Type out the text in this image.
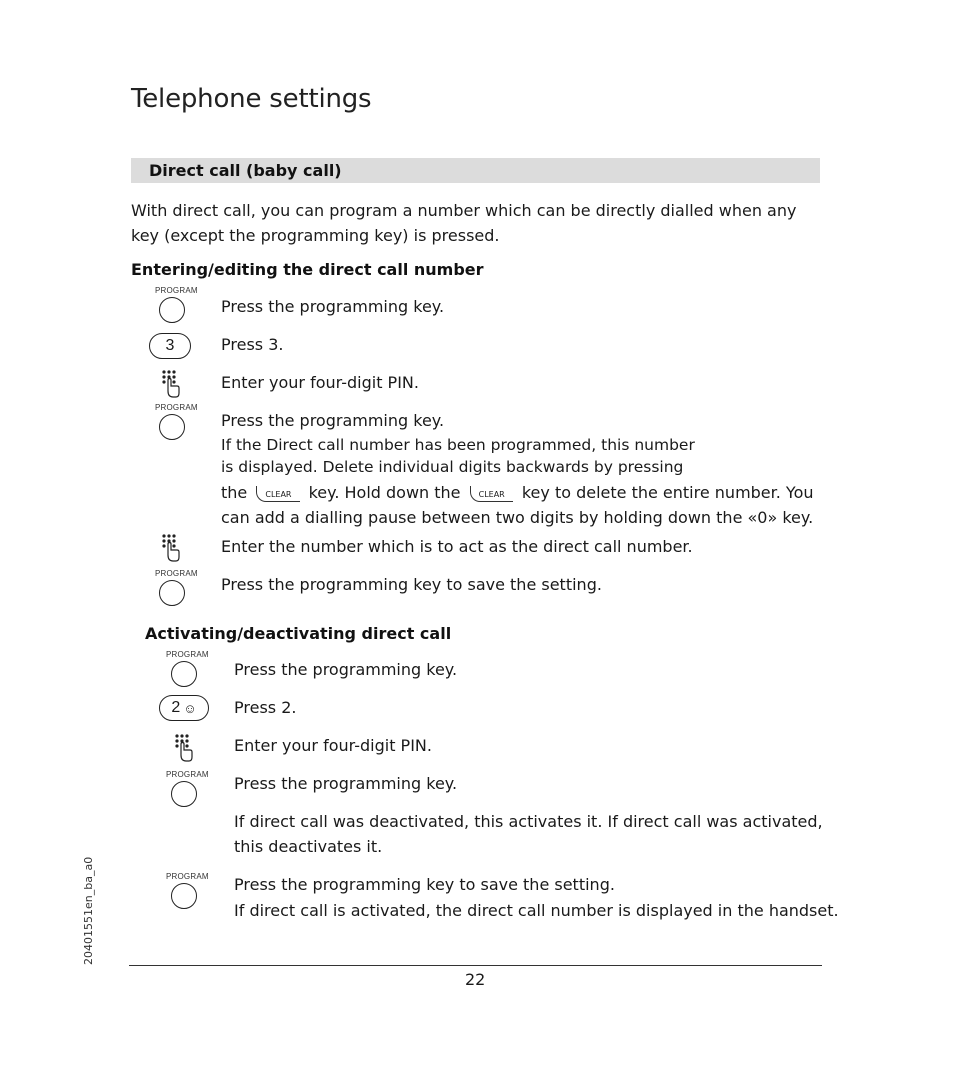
Telephone settings
Direct call (baby call)
With direct call, you can program a number which can be directly dialled when any key (except the programming key) is pressed.
Entering/editing the direct call number
PROGRAM
Press the programming key.
3	Press 3.
Enter your four-digit PIN.
PROGRAM
Press the programming key.
If the Direct call number has been programmed, this number
is displayed. Delete individual digits backwards by pressing
the CLEAR key. Hold down the CLEAR key to delete the entire number. You
can add a dialling pause between two digits by holding down the «0» key.
Enter the number which is to act as the direct call number.
PROGRAM
Press the programming key to save the setting.
Activating/deactivating direct call
PROGRAM
Press the programming key.
2 ☺ Press 2.
Enter your four-digit PIN.
PROGRAM Press the programming key.
If direct call was deactivated, this activates it. If direct call was activated, this deactivates it.
PROGRAM Press the programming key to save the setting.
If direct call is activated, the direct call number is displayed in the handset.
22
20401551en_ba_a0
